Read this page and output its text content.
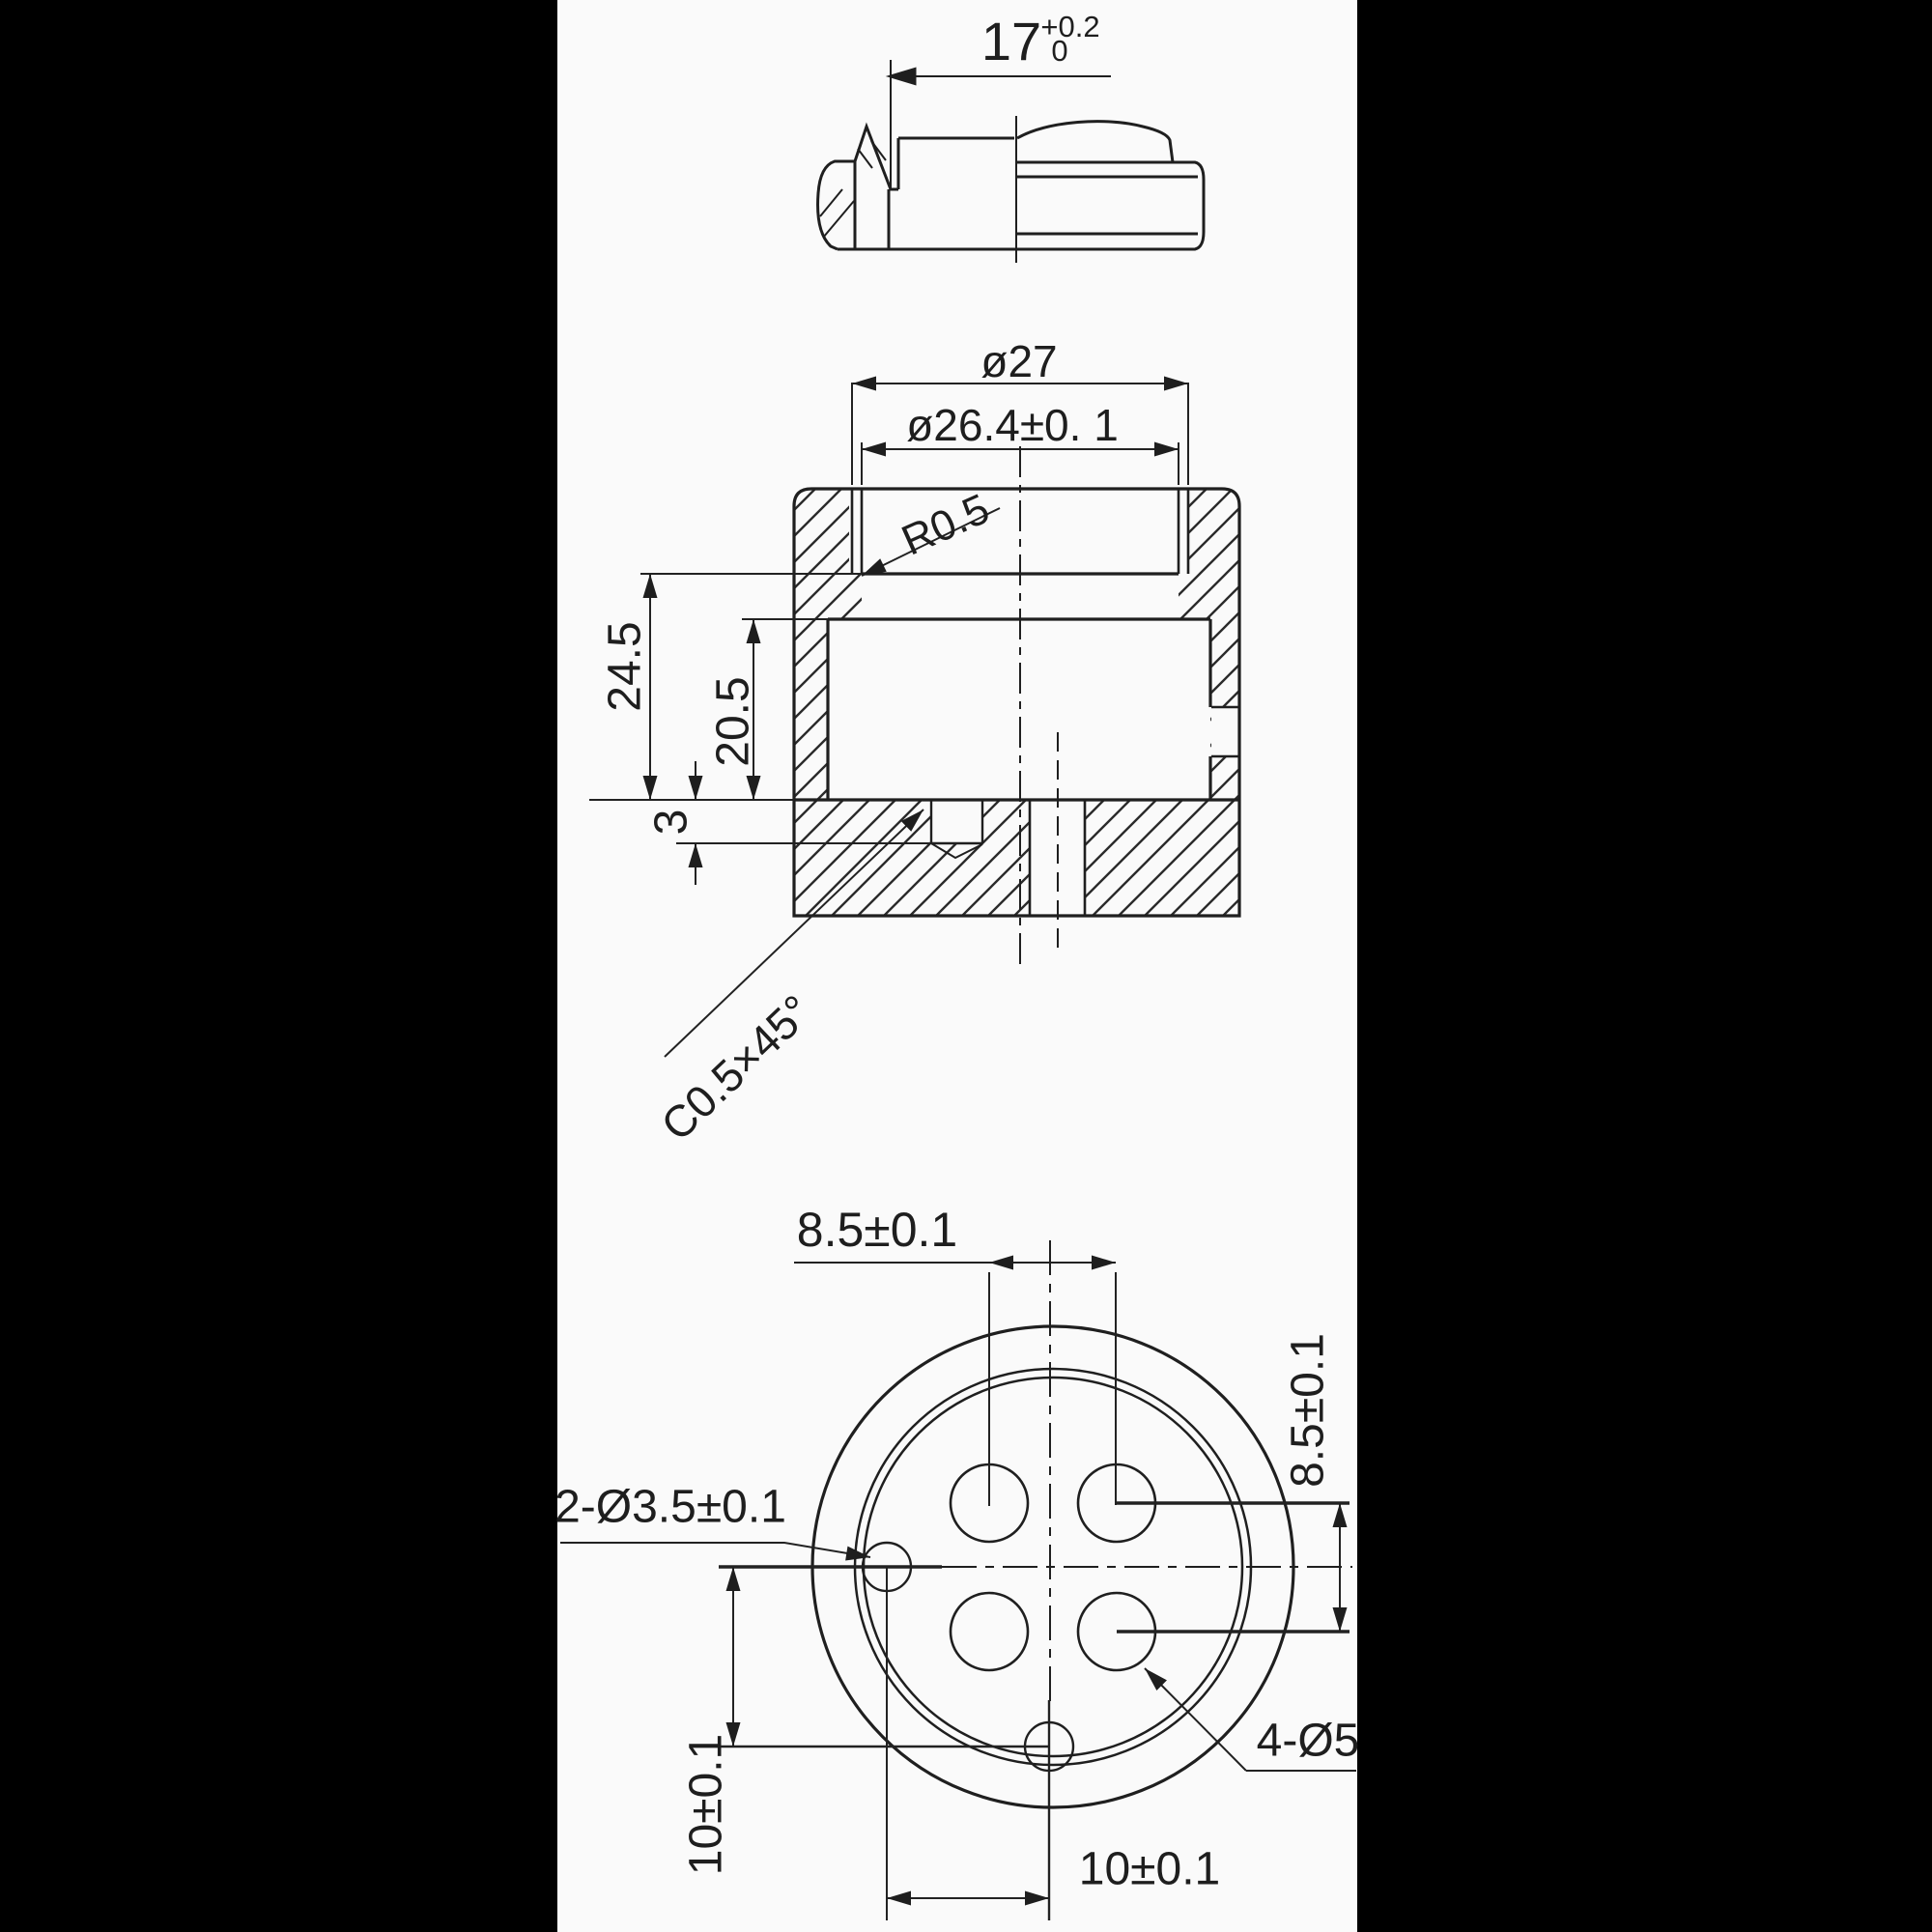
17 +0.2
0
ø27
ø26.4±0. 1
R0.5
24.5
20.5
3
C0.5×45°
8.5±0.1
8.5±0.1
2-Ø3.5±0.1
10±0.1	10±0.1
4-Ø5
